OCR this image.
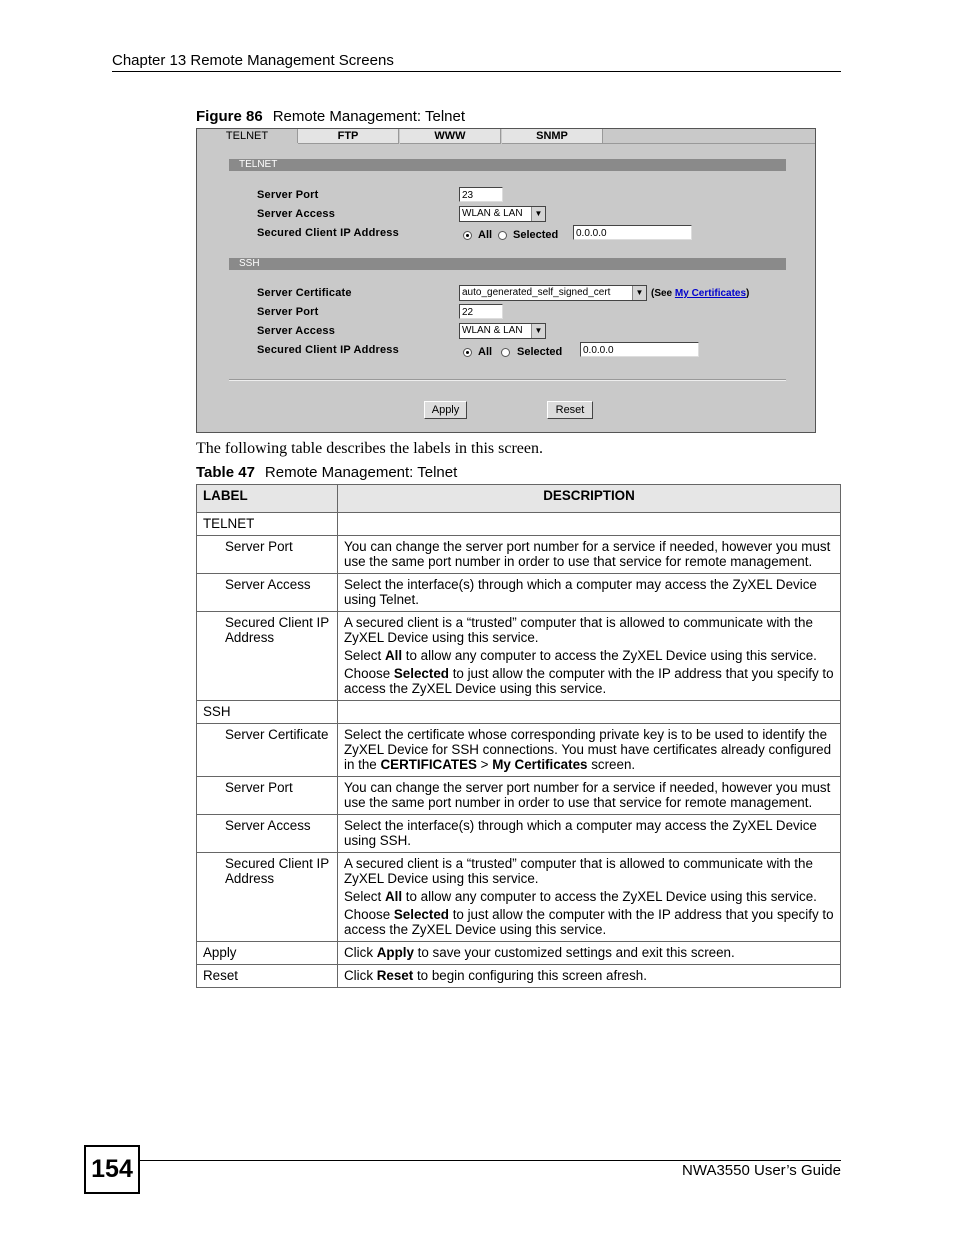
Chapter 13 Remote Management Screens
Figure 86 Remote Management: Telnet
TELNET	FTP	WWW	SNMP
TELNET
Server Port	23
Server Access	WLAN & LAN	▼
Secured Client IP Address	All Selected	0.0.0.0
SSH
Server Certificate	auto_generated_self_signed_cert	▼ (See My Certificates)
Server Port	22
Server Access	WLAN & LAN	▼
Secured Client IP Address	All Selected	0.0.0.0
Apply	Reset
The following table describes the labels in this screen.
Table 47 Remote Management: Telnet
LABEL	DESCRIPTION
TELNET	
Server Port	You can change the server port number for a service if needed, however you must use the same port number in order to use that service for remote management.
Server Access	Select the interface(s) through which a computer may access the ZyXEL Device using Telnet.
Secured Client IP Address	A secured client is a “trusted” computer that is allowed to communicate with the ZyXEL Device using this service.

Select All to allow any computer to access the ZyXEL Device using this service.

Choose Selected to just allow the computer with the IP address that you specify to access the ZyXEL Device using this service.

SSH	
Server Certificate	Select the certificate whose corresponding private key is to be used to identify the ZyXEL Device for SSH connections. You must have certificates already configured in the CERTIFICATES > My Certificates screen.
Server Port	You can change the server port number for a service if needed, however you must use the same port number in order to use that service for remote management.
Server Access	Select the interface(s) through which a computer may access the ZyXEL Device using SSH.
Secured Client IP Address	A secured client is a “trusted” computer that is allowed to communicate with the ZyXEL Device using this service.

Select All to allow any computer to access the ZyXEL Device using this service.

Choose Selected to just allow the computer with the IP address that you specify to access the ZyXEL Device using this service.

Apply	Click Apply to save your customized settings and exit this screen.
Reset	Click Reset to begin configuring this screen afresh.
154	NWA3550 User’s Guide
